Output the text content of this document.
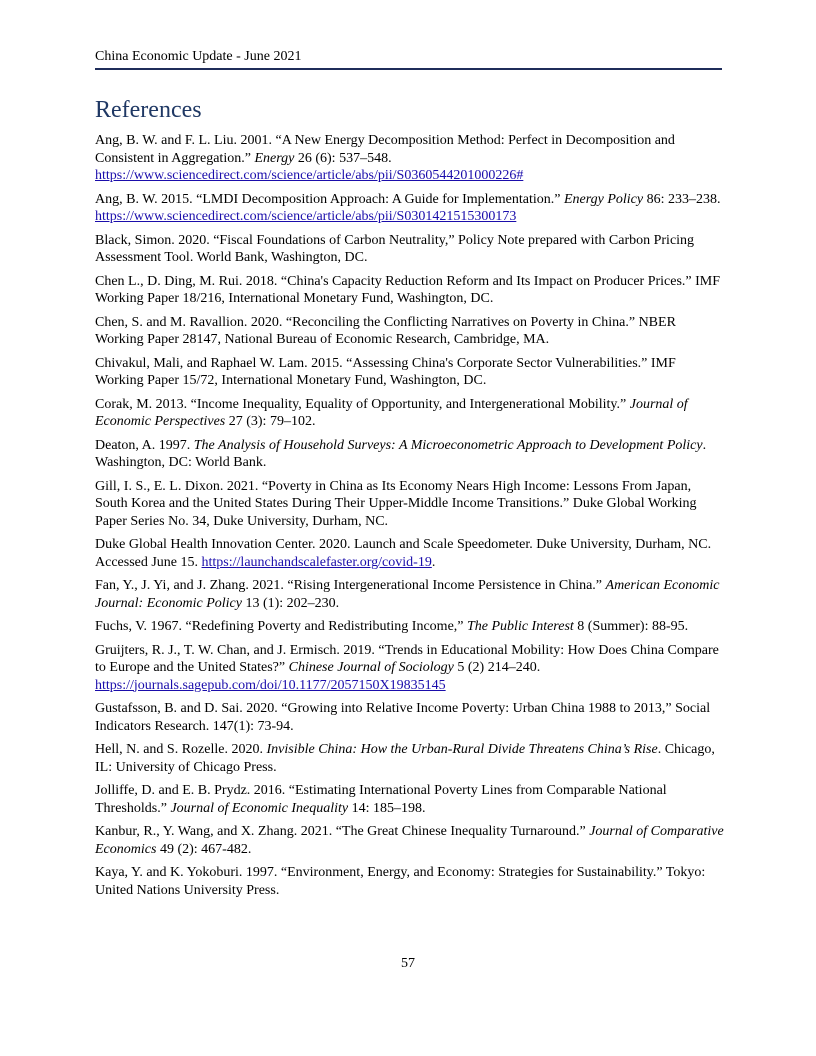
China Economic Update - June 2021
References

Ang, B. W. and F. L. Liu. 2001. “A New Energy Decomposition Method: Perfect in Decomposition and Consistent in Aggregation.” Energy 26 (6): 537–548. https://www.sciencedirect.com/science/article/abs/pii/S0360544201000226#

Ang, B. W. 2015. “LMDI Decomposition Approach: A Guide for Implementation.” Energy Policy 86: 233–238. https://www.sciencedirect.com/science/article/abs/pii/S0301421515300173

Black, Simon. 2020. “Fiscal Foundations of Carbon Neutrality,” Policy Note prepared with Carbon Pricing Assessment Tool. World Bank, Washington, DC.

Chen L., D. Ding, M. Rui. 2018. “China's Capacity Reduction Reform and Its Impact on Producer Prices.” IMF Working Paper 18/216, International Monetary Fund, Washington, DC.

Chen, S. and M. Ravallion. 2020. “Reconciling the Conflicting Narratives on Poverty in China.” NBER Working Paper 28147, National Bureau of Economic Research, Cambridge, MA.

Chivakul, Mali, and Raphael W. Lam. 2015. “Assessing China's Corporate Sector Vulnerabilities.” IMF Working Paper 15/72, International Monetary Fund, Washington, DC.

Corak, M. 2013. “Income Inequality, Equality of Opportunity, and Intergenerational Mobility.” Journal of Economic Perspectives 27 (3): 79–102.

Deaton, A. 1997. The Analysis of Household Surveys: A Microeconometric Approach to Development Policy. Washington, DC: World Bank.

Gill, I. S., E. L. Dixon. 2021. “Poverty in China as Its Economy Nears High Income: Lessons From Japan, South Korea and the United States During Their Upper-Middle Income Transitions.” Duke Global Working Paper Series No. 34, Duke University, Durham, NC.

Duke Global Health Innovation Center. 2020. Launch and Scale Speedometer. Duke University, Durham, NC. Accessed June 15. https://launchandscalefaster.org/covid-19.

Fan, Y., J. Yi, and J. Zhang. 2021. “Rising Intergenerational Income Persistence in China.” American Economic Journal: Economic Policy 13 (1): 202–230.

Fuchs, V. 1967. “Redefining Poverty and Redistributing Income,” The Public Interest 8 (Summer): 88-95.

Gruijters, R. J., T. W. Chan, and J. Ermisch. 2019. “Trends in Educational Mobility: How Does China Compare to Europe and the United States?” Chinese Journal of Sociology 5 (2) 214–240. https://journals.sagepub.com/doi/10.1177/2057150X19835145

Gustafsson, B. and D. Sai. 2020. “Growing into Relative Income Poverty: Urban China 1988 to 2013,” Social Indicators Research. 147(1): 73-94.

Hell, N. and S. Rozelle. 2020. Invisible China: How the Urban-Rural Divide Threatens China’s Rise. Chicago, IL: University of Chicago Press.

Jolliffe, D. and E. B. Prydz. 2016. “Estimating International Poverty Lines from Comparable National Thresholds.” Journal of Economic Inequality 14: 185–198.

Kanbur, R., Y. Wang, and X. Zhang. 2021. “The Great Chinese Inequality Turnaround.” Journal of Comparative Economics 49 (2): 467-482.

Kaya, Y. and K. Yokoburi. 1997. “Environment, Energy, and Economy: Strategies for Sustainability.” Tokyo: United Nations University Press.

57
